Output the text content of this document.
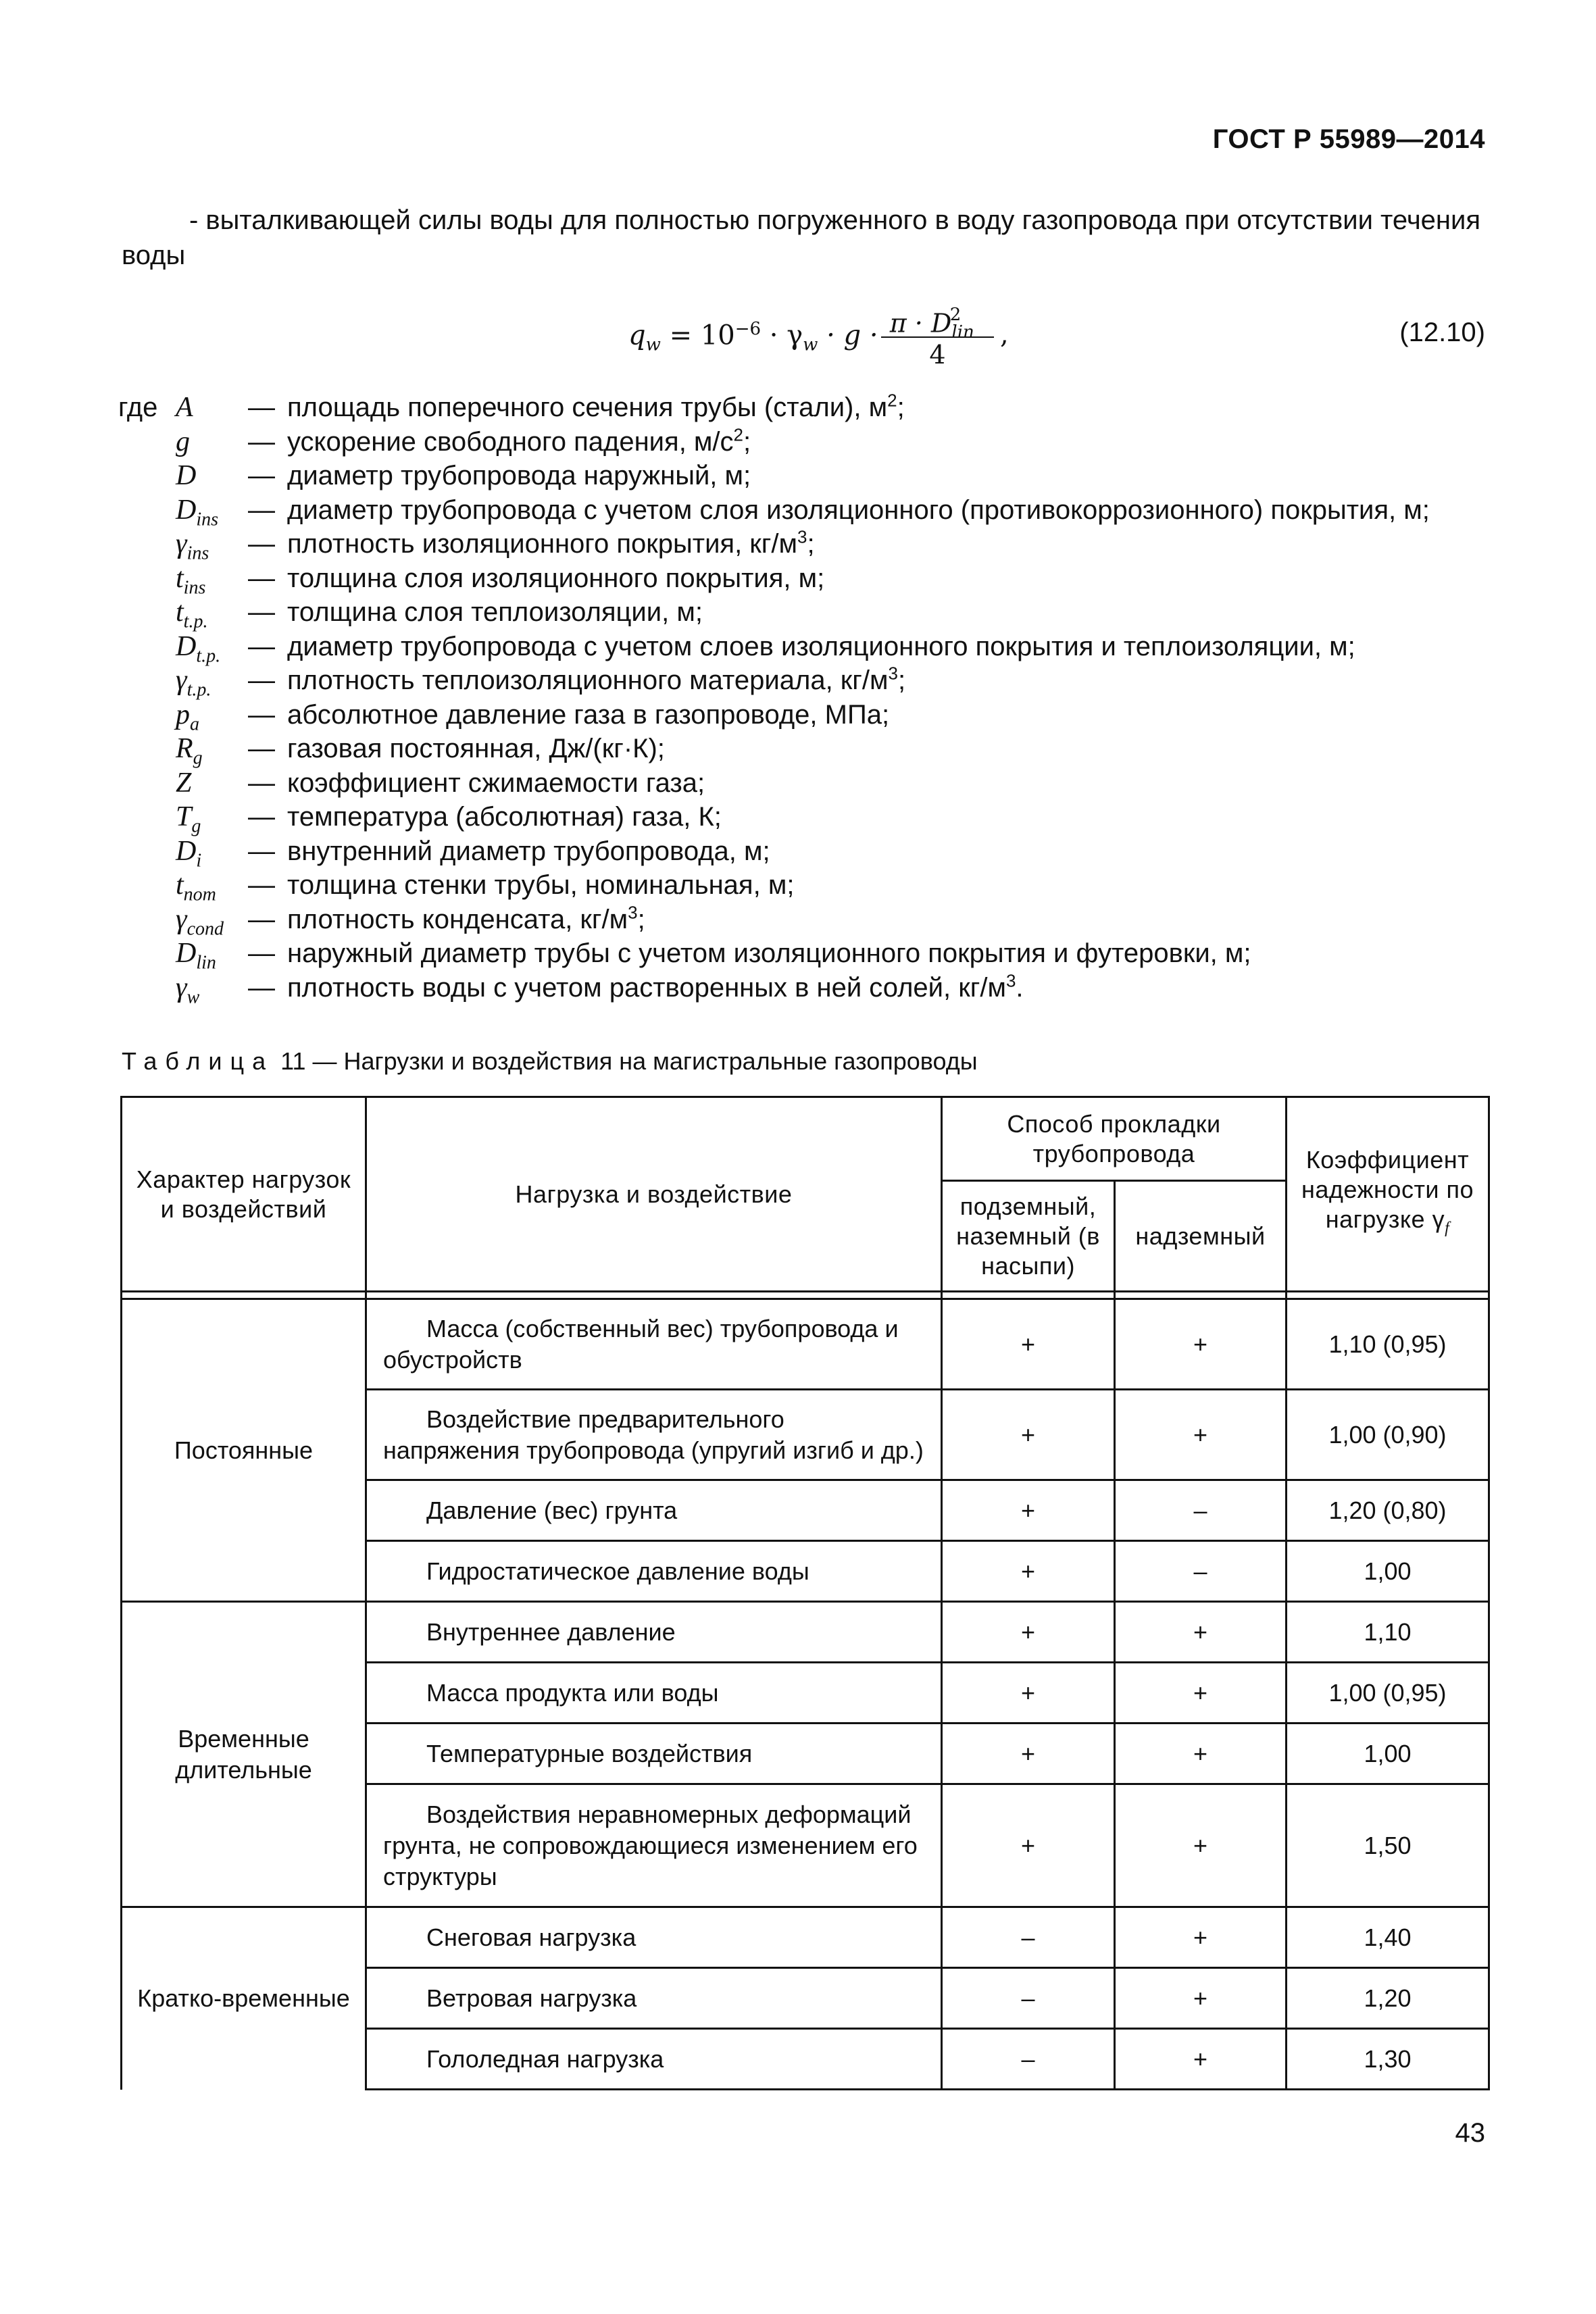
ГОСТ Р 55989—2014
- выталкивающей силы воды для полностью погруженного в воду газопровода при отсутствии течения воды
$q_w = 10^{-6} \cdot \gamma_w \cdot g \cdot \pi \cdot D_{lin}^2$
4
,	(12.10)
где A — площадь поперечного сечения трубы (стали), $м^2$;
g — ускорение свободного падения, $м/с^2$;
D — диаметр трубопровода наружный, м;
$D_{ins}$ — диаметр трубопровода с учетом слоя изоляционного (противокоррозионного) покрытия, м;
$\gamma_{ins}$ — плотность изоляционного покрытия, $кг/м^3$;
$t_{ins}$ — толщина слоя изоляционного покрытия, м;
$t_{t.p.}$ — толщина слоя теплоизоляции, м;
$D_{t.p.}$ — диаметр трубопровода с учетом слоев изоляционного покрытия и теплоизоляции, м;
$\gamma_{t.p.}$ — плотность теплоизоляционного материала, $кг/м^3$;
$p_a$ — абсолютное давление газа в газопроводе, МПа;
$R_g$ — газовая постоянная, Дж/(кг·К);
Z — коэффициент сжимаемости газа;
$T_g$ — температура (абсолютная) газа, К;
$D_i$ — внутренний диаметр трубопровода, м;
$t_{nom}$ — толщина стенки трубы, номинальная, м;
$\gamma_{cond}$ — плотность конденсата, $кг/м^3$;
$D_{lin}$ — наружный диаметр трубы с учетом изоляционного покрытия и футеровки, м;
$\gamma_w$ — плотность воды с учетом растворенных в ней солей, $кг/м^3$.
Таблица 11 — Нагрузки и воздействия на магистральные газопроводы
Характер нагрузок и воздействий	Нагрузка и воздействие	Способ прокладки трубопровода		Коэффициент надежности по нагрузке $\gamma_f$
		подземный, наземный (в насыпи)	надземный	

Постоянные	Масса (собственный вес) трубопровода и обустройств	+	+	1,10 (0,95)
	Воздействие предварительного напряжения трубопровода (упругий изгиб и др.)	+	+	1,00 (0,90)
	Давление (вес) грунта	+	–	1,20 (0,80)
	Гидростатическое давление воды	+	–	1,00
Временные длительные	Внутреннее давление	+	+	1,10
	Масса продукта или воды	+	+	1,00 (0,95)
	Температурные воздействия	+	+	1,00
	Воздействия неравномерных деформаций грунта, не сопровождающиеся изменением его структуры	+	+	1,50
Кратко-временные	Снеговая нагрузка	–	+	1,40
	Ветровая нагрузка	–	+	1,20
	Гололедная нагрузка	–	+	1,30
43
